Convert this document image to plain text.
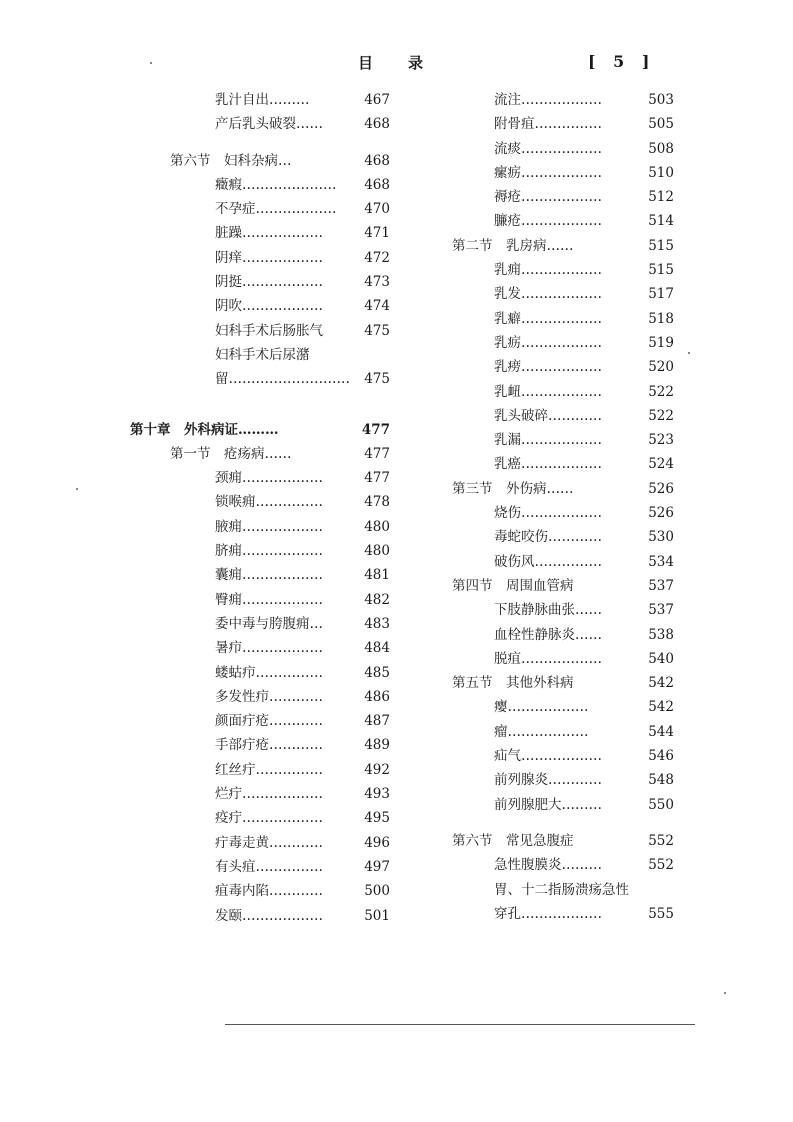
目 录	[ 5 ]
乳汁自出………	467
产后乳头破裂……	468
第六节　妇科杂病…	468
癥瘕………………… 468
不孕症……………… 470
脏躁………………	471
阴痒………………	472
阴挺………………	473
阴吹………………	474
妇科手术后肠胀气	475
妇科手术后尿潴
留……………………… 475
第十章　外科病证………	477
第一节　疮疡病……	477
颈痈………………	477
锁喉痈……………	478
腋痈………………	480
脐痈………………	480
囊痈………………	481
臀痈………………	482
委中毒与胯腹痈…	483
暑疖………………	484
蝼蛄疖……………	485
多发性疖…………	486
颜面疔疮…………	487
手部疔疮…………	489
红丝疔……………	492
烂疔………………	493
疫疔………………	495
疔毒走黄…………	496
有头疽……………	497
疽毒内陷…………	500
发颐………………	501
流注………………	503
附骨疽……………	505
流痰………………	508
瘰疬………………	510
褥疮………………	512
臁疮………………	514
第二节　乳房病……	515
乳痈………………	515
乳发………………	517
乳癖………………	518
乳疬………………	519
乳痨………………	520
乳衄………………	522
乳头破碎…………	522
乳漏………………	523
乳癌………………	524
第三节　外伤病……	526
烧伤………………	526
毒蛇咬伤…………	530
破伤风……………	534
第四节　周围血管病	537
下肢静脉曲张……	537
血栓性静脉炎……	538
脱疽………………	540
第五节　其他外科病	542
瘿………………	542
瘤………………	544
疝气………………	546
前列腺炎…………	548
前列腺肥大………	550
第六节　常见急腹症	552
急性腹膜炎………	552
胃、十二指肠溃疡急性
穿孔………………	555
